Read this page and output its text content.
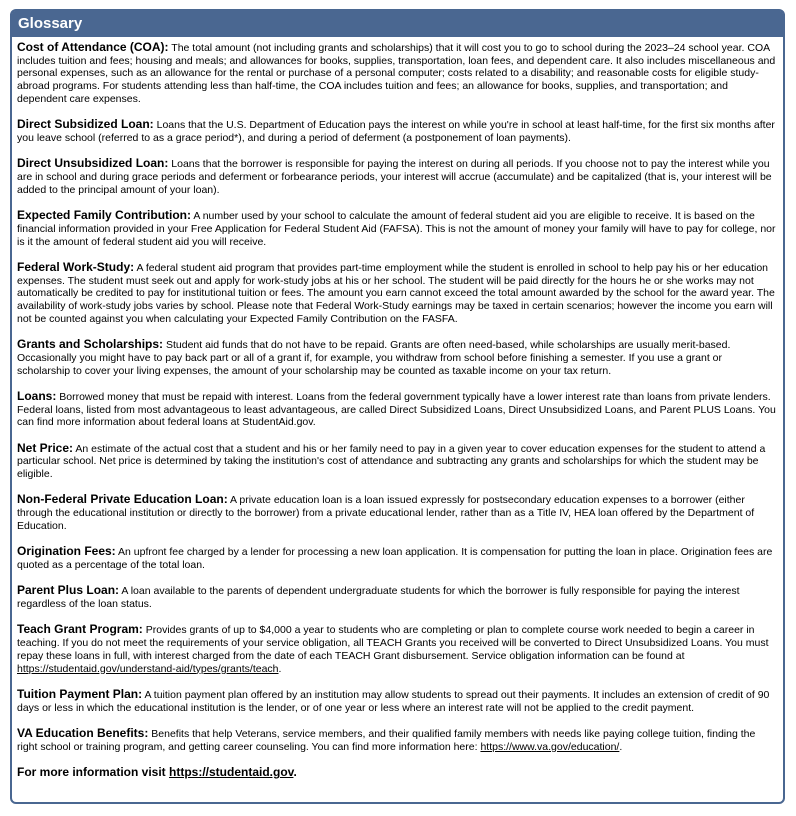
Glossary

Cost of Attendance (COA): The total amount (not including grants and scholarships) that it will cost you to go to school during the 2023–24 school year. COA includes tuition and fees; housing and meals; and allowances for books, supplies, transportation, loan fees, and dependent care. It also includes miscellaneous and personal expenses, such as an allowance for the rental or purchase of a personal computer; costs related to a disability; and reasonable costs for eligible study-abroad programs. For students attending less than half-time, the COA includes tuition and fees; an allowance for books, supplies, and transportation; and dependent care expenses.

Direct Subsidized Loan: Loans that the U.S. Department of Education pays the interest on while you're in school at least half-time, for the first six months after you leave school (referred to as a grace period*), and during a period of deferment (a postponement of loan payments).

Direct Unsubsidized Loan: Loans that the borrower is responsible for paying the interest on during all periods. If you choose not to pay the interest while you are in school and during grace periods and deferment or forbearance periods, your interest will accrue (accumulate) and be capitalized (that is, your interest will be added to the principal amount of your loan).

Expected Family Contribution: A number used by your school to calculate the amount of federal student aid you are eligible to receive. It is based on the financial information provided in your Free Application for Federal Student Aid (FAFSA). This is not the amount of money your family will have to pay for college, nor is it the amount of federal student aid you will receive.

Federal Work-Study: A federal student aid program that provides part-time employment while the student is enrolled in school to help pay his or her education expenses. The student must seek out and apply for work-study jobs at his or her school. The student will be paid directly for the hours he or she works may not automatically be credited to pay for institutional tuition or fees. The amount you earn cannot exceed the total amount awarded by the school for the award year. The availability of work-study jobs varies by school. Please note that Federal Work-Study earnings may be taxed in certain scenarios; however the income you earn will not be counted against you when calculating your Expected Family Contribution on the FASFA.

Grants and Scholarships: Student aid funds that do not have to be repaid. Grants are often need-based, while scholarships are usually merit-based. Occasionally you might have to pay back part or all of a grant if, for example, you withdraw from school before finishing a semester. If you use a grant or scholarship to cover your living expenses, the amount of your scholarship may be counted as taxable income on your tax return.

Loans: Borrowed money that must be repaid with interest. Loans from the federal government typically have a lower interest rate than loans from private lenders. Federal loans, listed from most advantageous to least advantageous, are called Direct Subsidized Loans, Direct Unsubsidized Loans, and Parent PLUS Loans. You can find more information about federal loans at StudentAid.gov.

Net Price: An estimate of the actual cost that a student and his or her family need to pay in a given year to cover education expenses for the student to attend a particular school. Net price is determined by taking the institution's cost of attendance and subtracting any grants and scholarships for which the student may be eligible.

Non-Federal Private Education Loan: A private education loan is a loan issued expressly for postsecondary education expenses to a borrower (either through the educational institution or directly to the borrower) from a private educational lender, rather than as a Title IV, HEA loan offered by the Department of Education.

Origination Fees: An upfront fee charged by a lender for processing a new loan application. It is compensation for putting the loan in place. Origination fees are quoted as a percentage of the total loan.

Parent Plus Loan: A loan available to the parents of dependent undergraduate students for which the borrower is fully responsible for paying the interest regardless of the loan status.

Teach Grant Program: Provides grants of up to $4,000 a year to students who are completing or plan to complete course work needed to begin a career in teaching. If you do not meet the requirements of your service obligation, all TEACH Grants you received will be converted to Direct Unsubsidized Loans. You must repay these loans in full, with interest charged from the date of each TEACH Grant disbursement. Service obligation information can be found at https://studentaid.gov/understand-aid/types/grants/teach.

Tuition Payment Plan: A tuition payment plan offered by an institution may allow students to spread out their payments. It includes an extension of credit of 90 days or less in which the educational institution is the lender, or of one year or less where an interest rate will not be applied to the credit payment.

VA Education Benefits: Benefits that help Veterans, service members, and their qualified family members with needs like paying college tuition, finding the right school or training program, and getting career counseling. You can find more information here: https://www.va.gov/education/.

For more information visit https://studentaid.gov.
